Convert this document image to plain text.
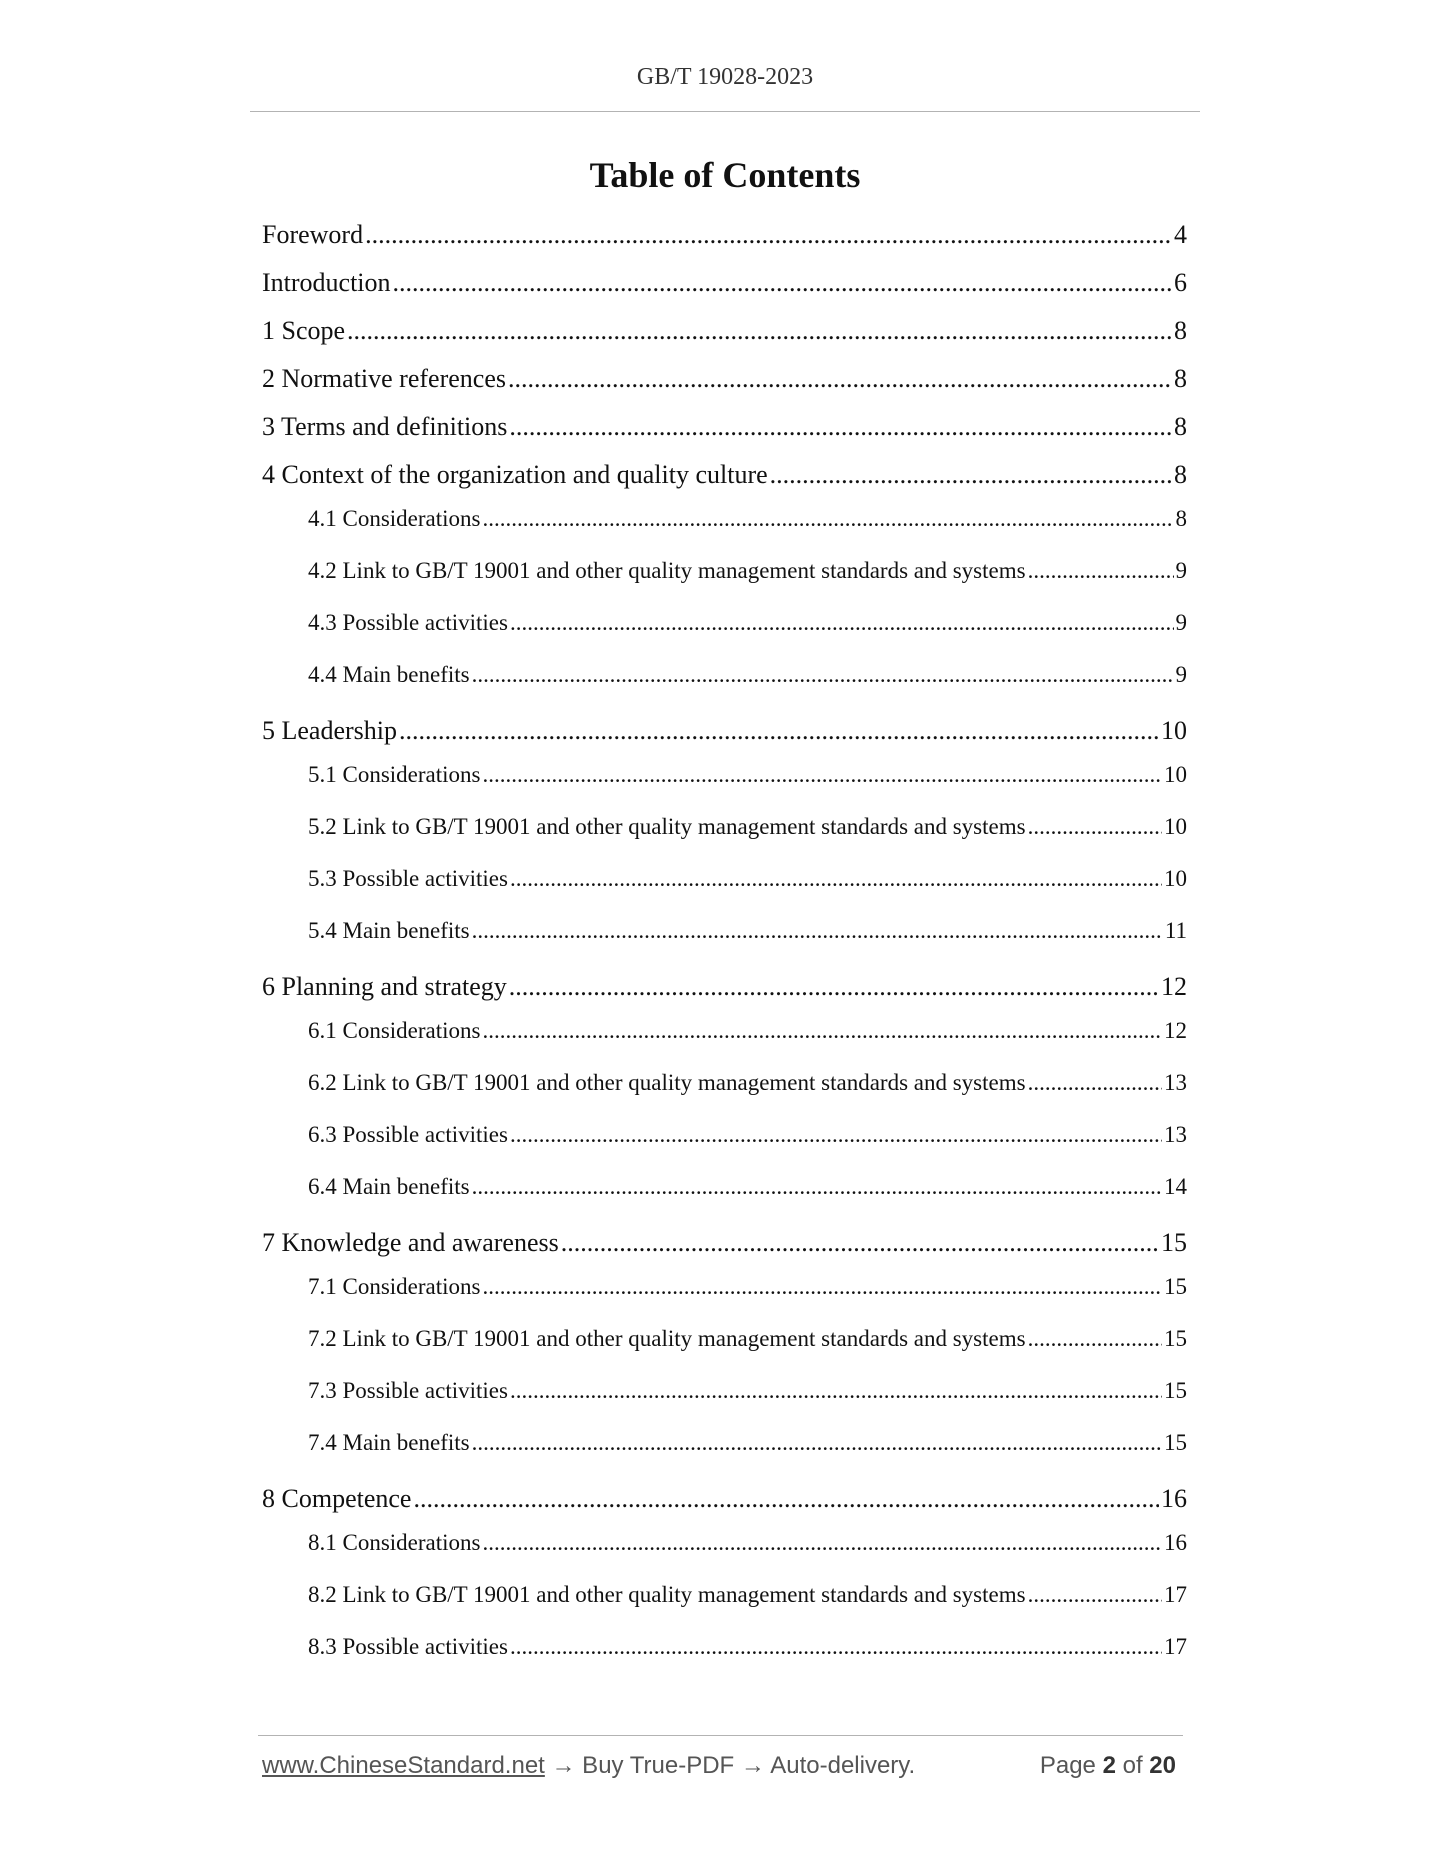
GB/T 19028-2023
Table of Contents
Foreword .....	4
Introduction .....	6
1 Scope .....	8
2 Normative references .....	8
3 Terms and definitions .....	8
4 Context of the organization and quality culture .....	8
4.1 Considerations .....	8
4.2 Link to GB/T 19001 and other quality management standards and systems .....	9
4.3 Possible activities .....	9
4.4 Main benefits .....	9
5 Leadership .....	10
5.1 Considerations .....	10
5.2 Link to GB/T 19001 and other quality management standards and systems .....	10
5.3 Possible activities .....	10
5.4 Main benefits .....	11
6 Planning and strategy .....	12
6.1 Considerations .....	12
6.2 Link to GB/T 19001 and other quality management standards and systems .....	13
6.3 Possible activities .....	13
6.4 Main benefits .....	14
7 Knowledge and awareness .....	15
7.1 Considerations .....	15
7.2 Link to GB/T 19001 and other quality management standards and systems .....	15
7.3 Possible activities .....	15
7.4 Main benefits .....	15
8 Competence .....	16
8.1 Considerations .....	16
8.2 Link to GB/T 19001 and other quality management standards and systems .....	17
8.3 Possible activities .....	17
www.ChineseStandard.net → Buy True-PDF → Auto-delivery.	Page 2 of 20
